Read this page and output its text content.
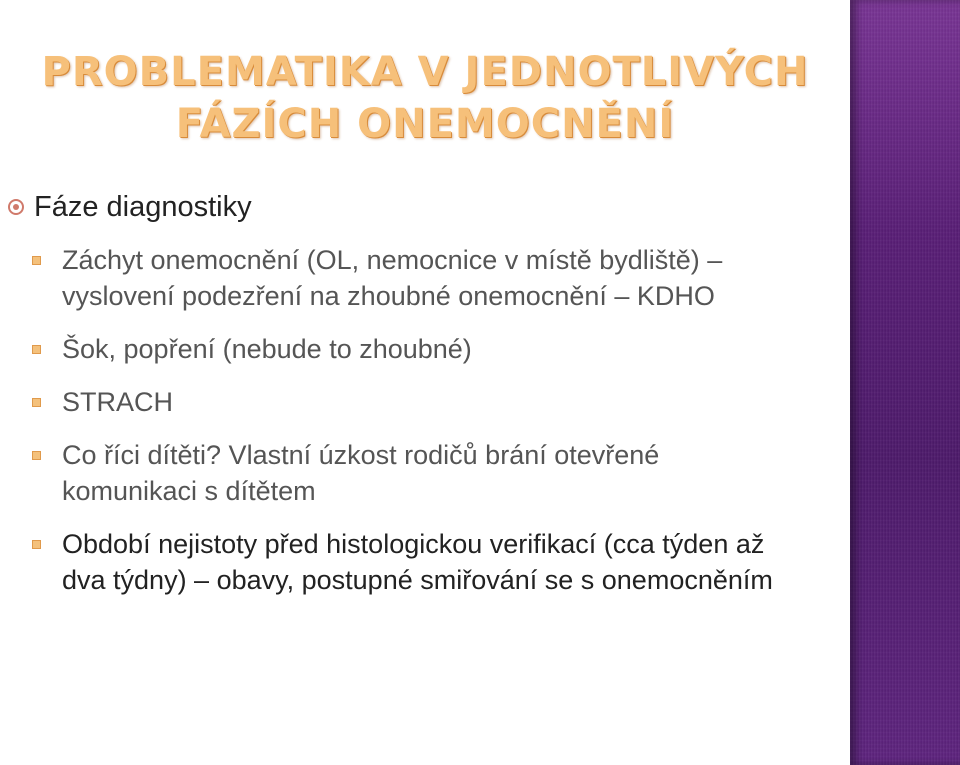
PROBLEMATIKA V JEDNOTLIVÝCH
FÁZÍCH ONEMOCNĚNÍ
Fáze diagnostiky
Záchyt onemocnění (OL, nemocnice v místě bydliště) – vyslovení podezření na zhoubné onemocnění – KDHO
Šok, popření (nebude to zhoubné)
STRACH
Co říci dítěti? Vlastní úzkost rodičů brání otevřené komunikaci s dítětem
Období nejistoty před histologickou verifikací (cca týden až dva týdny) – obavy, postupné smiřování se s onemocněním
